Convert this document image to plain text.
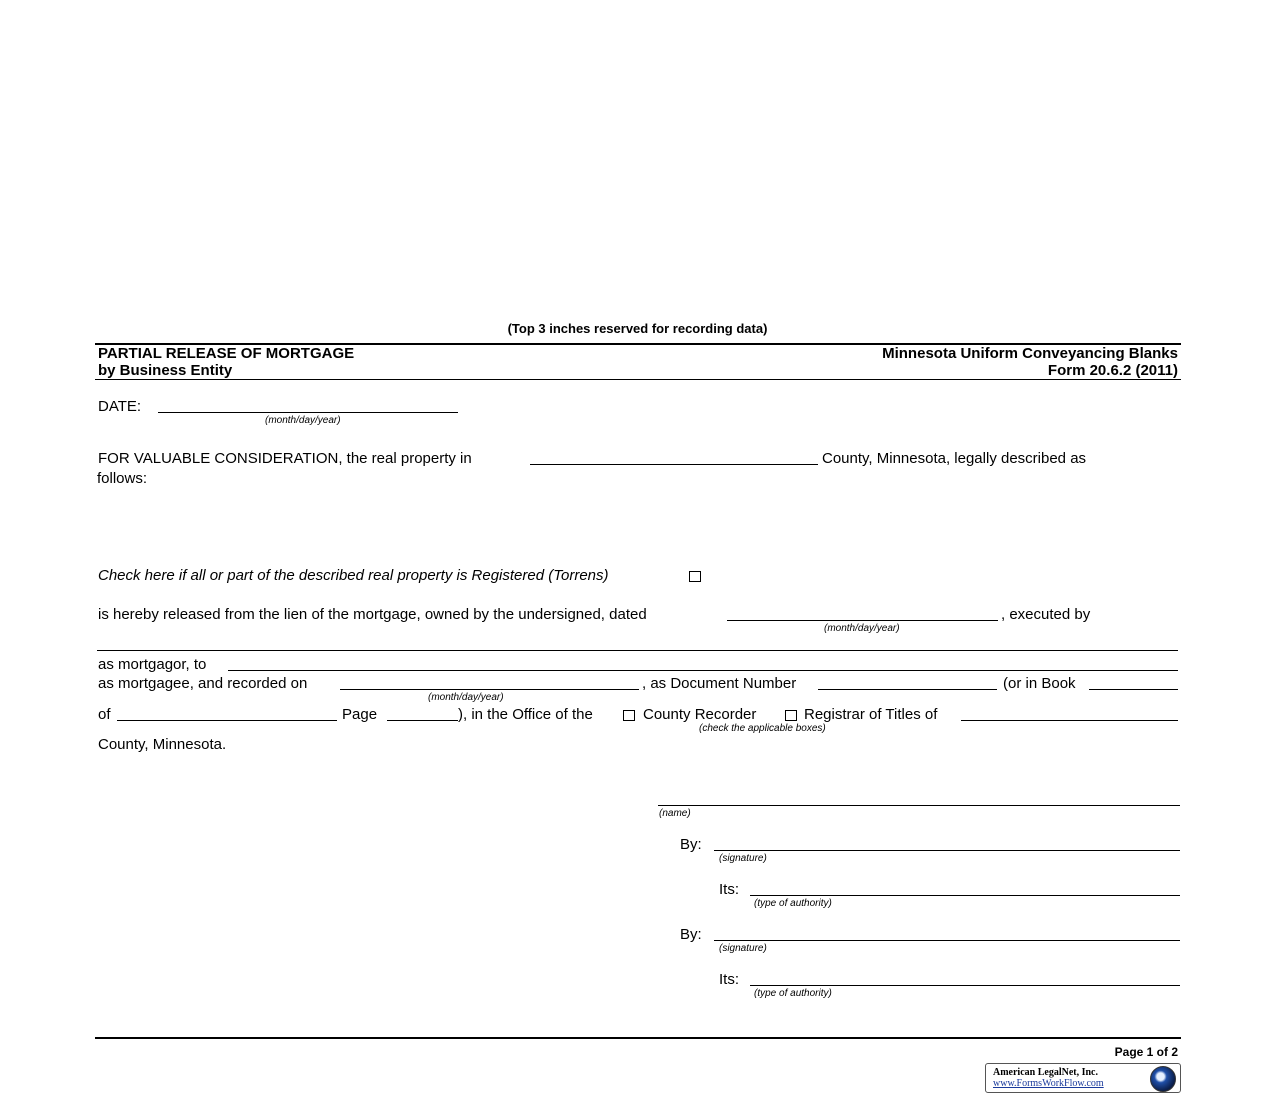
(Top 3 inches reserved for recording data)
PARTIAL RELEASE OF MORTGAGE
by Business Entity
Minnesota Uniform Conveyancing Blanks
Form 20.6.2 (2011)
DATE:
(month/day/year)
FOR VALUABLE CONSIDERATION, the real property in	County, Minnesota, legally described as
follows:
Check here if all or part of the described real property is Registered (Torrens)
is hereby released from the lien of the mortgage, owned by the undersigned, dated	, executed by
(month/day/year)
as mortgagor, to
as mortgagee, and recorded on	, as Document Number	(or in Book
(month/day/year)
of	Page	), in the Office of the	County Recorder	Registrar of Titles of
(check the applicable boxes)
County, Minnesota.
(name)
By:
(signature)
Its:
(type of authority)
By:
(signature)
Its:
(type of authority)
Page 1 of 2
American LegalNet, Inc.
www.FormsWorkFlow.com
